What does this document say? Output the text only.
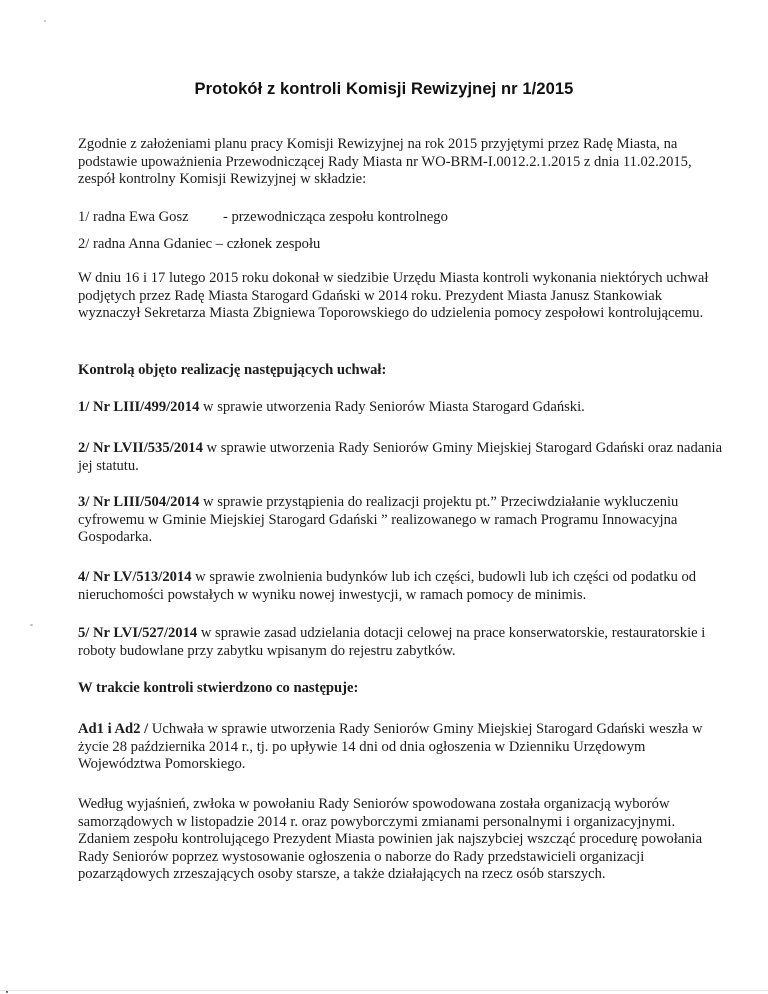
Protokół z kontroli Komisji Rewizyjnej nr 1/2015
Zgodnie z założeniami planu pracy Komisji Rewizyjnej na rok 2015 przyjętymi przez Radę Miasta, na podstawie upoważnienia Przewodniczącej Rady Miasta nr WO-BRM-I.0012.2.1.2015 z dnia 11.02.2015, zespół kontrolny Komisji Rewizyjnej w składzie:
1/ radna Ewa Gosz - przewodnicząca zespołu kontrolnego
2/ radna Anna Gdaniec – członek zespołu
W dniu 16 i 17 lutego 2015 roku dokonał w siedzibie Urzędu Miasta kontroli wykonania niektórych uchwał podjętych przez Radę Miasta Starogard Gdański w 2014 roku. Prezydent Miasta Janusz Stankowiak wyznaczył Sekretarza Miasta Zbigniewa Toporowskiego do udzielenia pomocy zespołowi kontrolującemu.
Kontrolą objęto realizację następujących uchwał:
1/ Nr LIII/499/2014 w sprawie utworzenia Rady Seniorów Miasta Starogard Gdański.
2/ Nr LVII/535/2014 w sprawie utworzenia Rady Seniorów Gminy Miejskiej Starogard Gdański oraz nadania jej statutu.
3/ Nr LIII/504/2014 w sprawie przystąpienia do realizacji projektu pt.” Przeciwdziałanie wykluczeniu cyfrowemu w Gminie Miejskiej Starogard Gdański ” realizowanego w ramach Programu Innowacyjna Gospodarka.
4/ Nr LV/513/2014 w sprawie zwolnienia budynków lub ich części, budowli lub ich części od podatku od nieruchomości powstałych w wyniku nowej inwestycji, w ramach pomocy de minimis.
5/ Nr LVI/527/2014 w sprawie zasad udzielania dotacji celowej na prace konserwatorskie, restauratorskie i roboty budowlane przy zabytku wpisanym do rejestru zabytków.
W trakcie kontroli stwierdzono co następuje:
Ad1 i Ad2 / Uchwała w sprawie utworzenia Rady Seniorów Gminy Miejskiej Starogard Gdański weszła w życie 28 października 2014 r., tj. po upływie 14 dni od dnia ogłoszenia w Dzienniku Urzędowym Województwa Pomorskiego.
Według wyjaśnień, zwłoka w powołaniu Rady Seniorów spowodowana została organizacją wyborów samorządowych w listopadzie 2014 r. oraz powyborczymi zmianami personalnymi i organizacyjnymi. Zdaniem zespołu kontrolującego Prezydent Miasta powinien jak najszybciej wszcząć procedurę powołania Rady Seniorów poprzez wystosowanie ogłoszenia o naborze do Rady przedstawicieli organizacji pozarządowych zrzeszających osoby starsze, a także działających na rzecz osób starszych.
